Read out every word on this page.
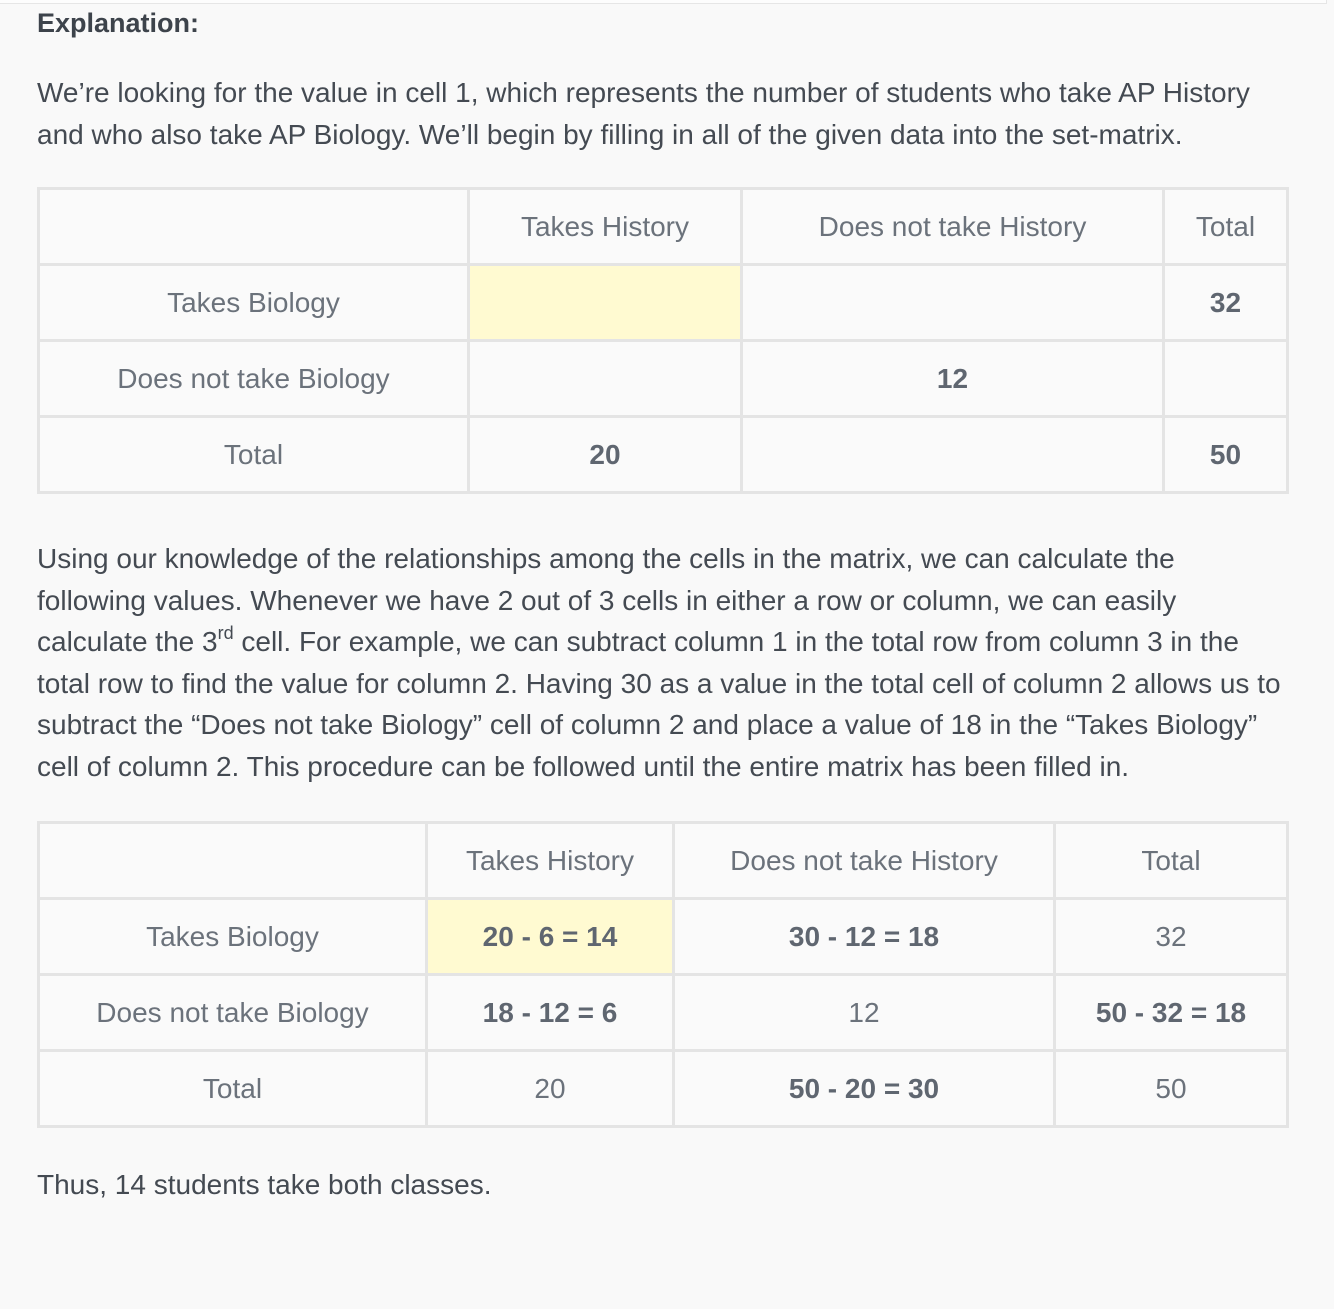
Explanation:

We’re looking for the value in cell 1, which represents the number of students who take AP History and who also take AP Biology. We’ll begin by filling in all of the given data into the set-matrix.

	Takes History	Does not take History	Total
Takes Biology			32
Does not take Biology		12	
Total	20		50

Using our knowledge of the relationships among the cells in the matrix, we can calculate the following values. Whenever we have 2 out of 3 cells in either a row or column, we can easily calculate the 3rd cell. For example, we can subtract column 1 in the total row from column 3 in the total row to find the value for column 2. Having 30 as a value in the total cell of column 2 allows us to subtract the “Does not take Biology” cell of column 2 and place a value of 18 in the “Takes Biology” cell of column 2. This procedure can be followed until the entire matrix has been filled in.

	Takes History	Does not take History	Total
Takes Biology	20 - 6 = 14	30 - 12 = 18	32
Does not take Biology	18 - 12 = 6	12	50 - 32 = 18
Total	20	50 - 20 = 30	50

Thus, 14 students take both classes.
